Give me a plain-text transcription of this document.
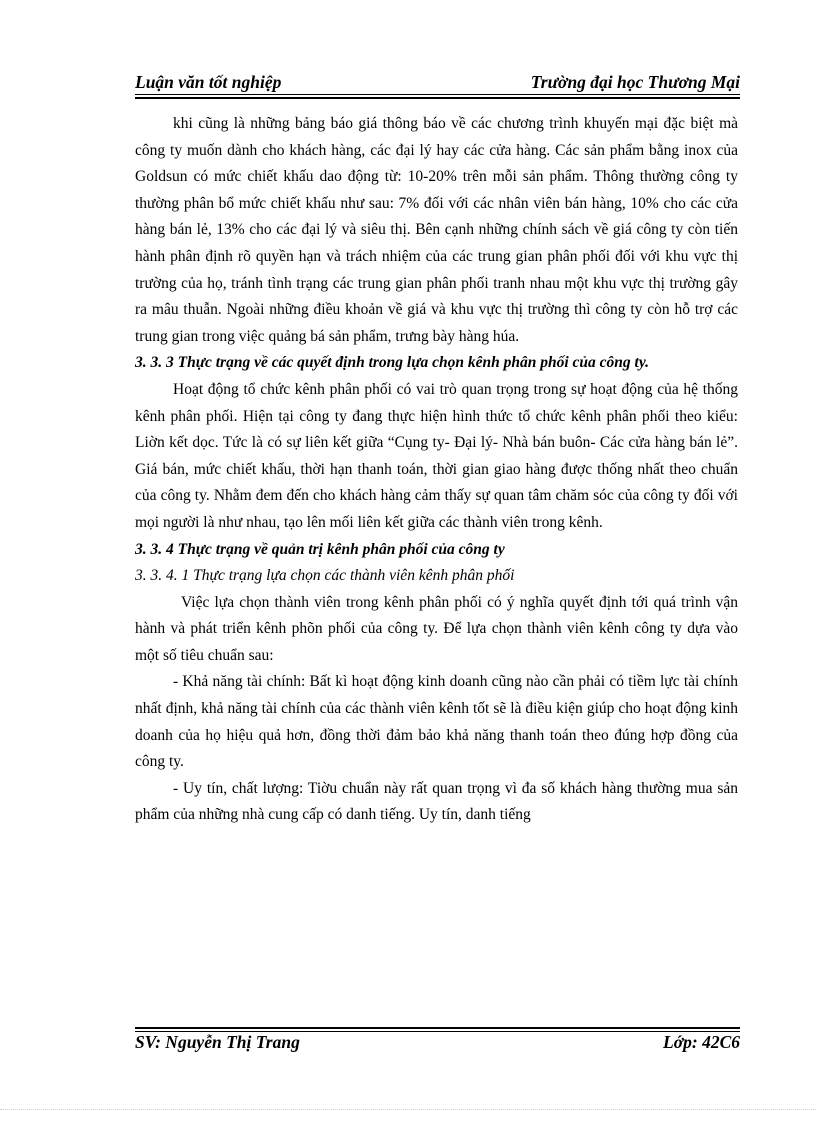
Luận văn tốt nghiệp	Trường đại học Thương Mại

khi cũng là những bảng báo giá thông báo về các chương trình khuyến mại đặc biệt mà công ty muốn dành cho khách hàng, các đại lý hay các cửa hàng. Các sản phẩm bằng inox của Goldsun có mức chiết khấu dao động từ: 10-20% trên mỗi sản phẩm. Thông thường công ty thường phân bổ mức chiết khấu như sau: 7% đối với các nhân viên bán hàng, 10% cho các cửa hàng bán lẻ, 13% cho các đại lý và siêu thị. Bên cạnh những chính sách về giá công ty còn tiến hành phân định rõ quyền hạn và trách nhiệm của các trung gian phân phối đối với khu vực thị trường của họ, tránh tình trạng các trung gian phân phối tranh nhau một khu vực thị trường gây ra mâu thuẫn. Ngoài những điều khoản về giá và khu vực thị trường thì công ty còn hỗ trợ các trung gian trong việc quảng bá sản phẩm, trưng bày hàng húa.

3. 3. 3 Thực trạng về các quyết định trong lựa chọn kênh phân phối của công ty.

Hoạt động tổ chức kênh phân phối có vai trò quan trọng trong sự hoạt động của hệ thống kênh phân phối. Hiện tại công ty đang thực hiện hình thức tổ chức kênh phân phối theo kiểu: Liờn kết dọc. Tức là có sự liên kết giữa “Cụng ty- Đại lý- Nhà bán buôn- Các cửa hàng bán lẻ”. Giá bán, mức chiết khấu, thời hạn thanh toán, thời gian giao hàng được thống nhất theo chuẩn của công ty. Nhằm đem đến cho khách hàng cảm thấy sự quan tâm chăm sóc của công ty đối với mọi người là như nhau, tạo lên mối liên kết giữa các thành viên trong kênh.

3. 3. 4 Thực trạng về quản trị kênh phân phối của công ty

3. 3. 4. 1 Thực trạng lựa chọn các thành viên kênh phân phối

Việc lựa chọn thành viên trong kênh phân phối có ý nghĩa quyết định tới quá trình vận hành và phát triển kênh phõn phối của công ty. Để lựa chọn thành viên kênh công ty dựa vào một số tiêu chuẩn sau:

- Khả năng tài chính: Bất kì hoạt động kinh doanh cũng nào cần phải có tiềm lực tài chính nhất định, khả năng tài chính của các thành viên kênh tốt sẽ là điều kiện giúp cho hoạt động kinh doanh của họ hiệu quả hơn, đồng thời đảm bảo khả năng thanh toán theo đúng hợp đồng của công ty.

- Uy tín, chất lượng: Tiờu chuẩn này rất quan trọng vì đa số khách hàng thường mua sản phẩm của những nhà cung cấp có danh tiếng. Uy tín, danh tiếng

SV: Nguyễn Thị Trang	Lớp: 42C6
